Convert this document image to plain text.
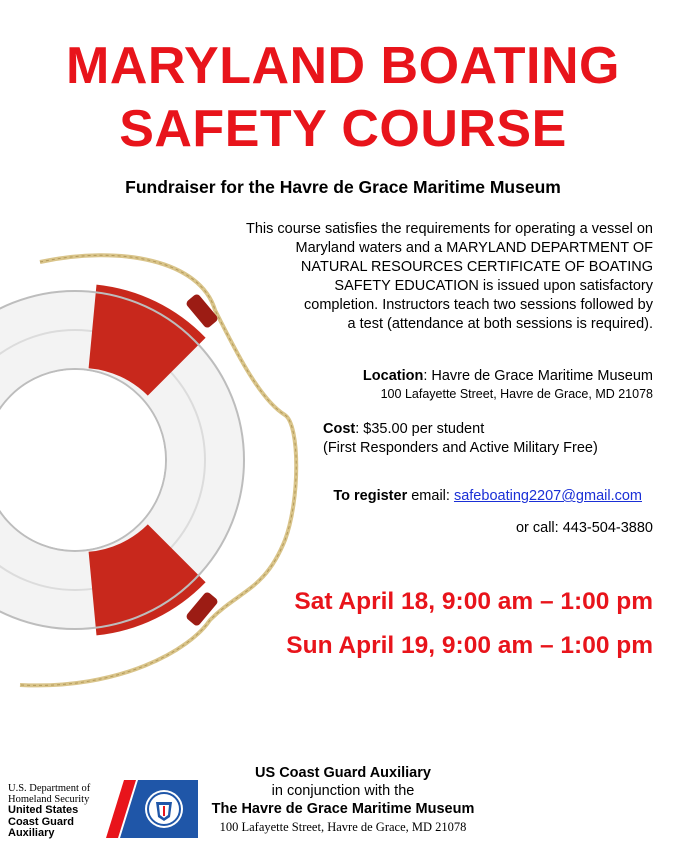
MARYLAND BOATING
SAFETY COURSE
Fundraiser for the Havre de Grace Maritime Museum
This course satisfies the requirements for operating a vessel on
Maryland waters and a MARYLAND DEPARTMENT OF
NATURAL RESOURCES CERTIFICATE OF BOATING
SAFETY EDUCATION is issued upon satisfactory
completion. Instructors teach two sessions followed by
a test (attendance at both sessions is required).
Location: Havre de Grace Maritime Museum
100 Lafayette Street, Havre de Grace, MD 21078
Cost: $35.00 per student
(First Responders and Active Military Free)
To register email: safeboating2207@gmail.com
or call: 443-504-3880
Sat April 18, 9:00 am – 1:00 pm
Sun April 19, 9:00 am – 1:00 pm
US Coast Guard Auxiliary
in conjunction with the
The Havre de Grace Maritime Museum
100 Lafayette Street, Havre de Grace, MD 21078
U.S. Department of
Homeland Security
United States
Coast Guard
Auxiliary
